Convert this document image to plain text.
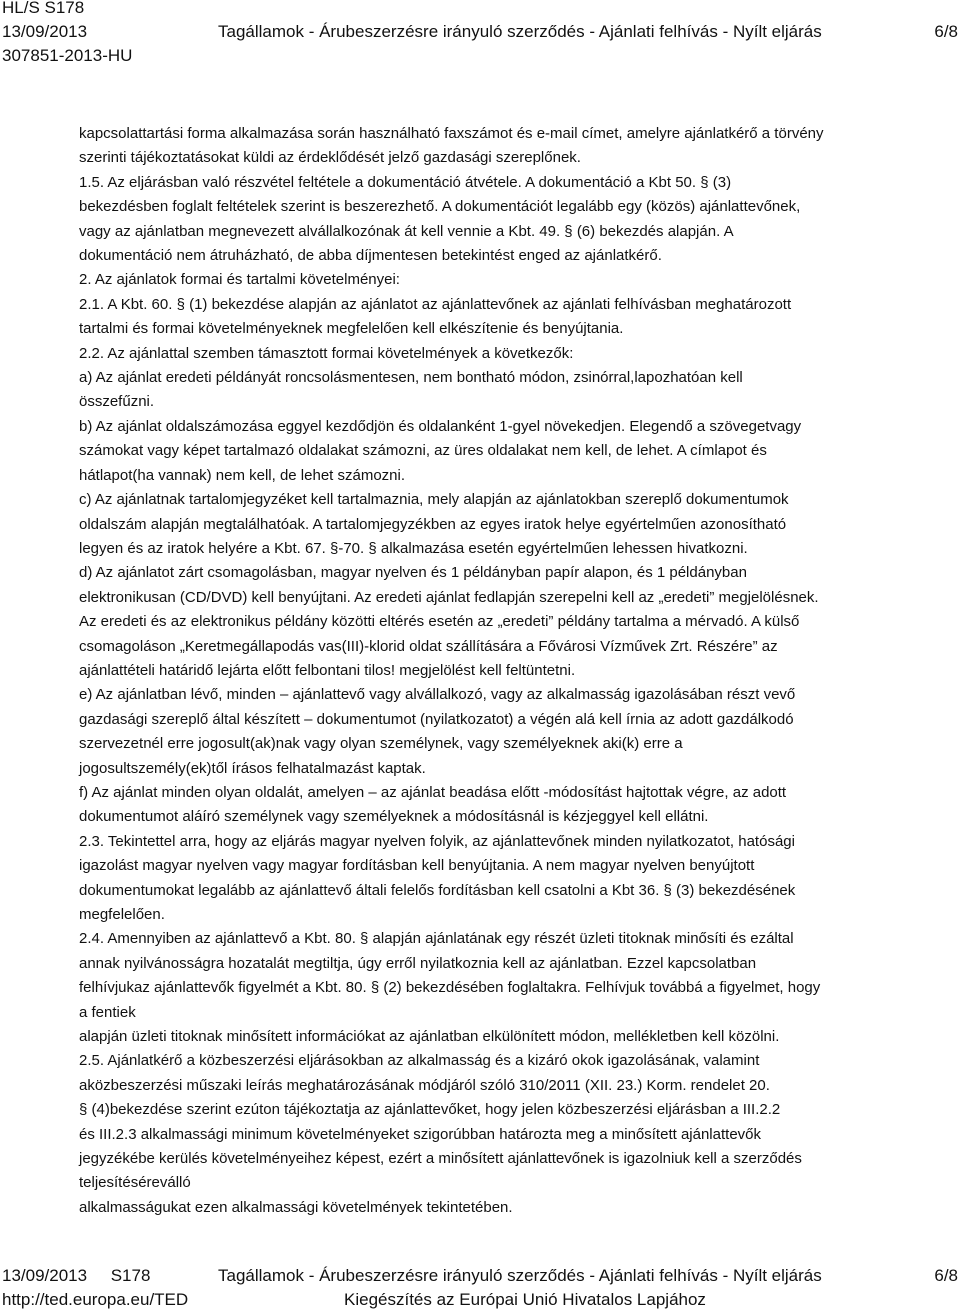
HL/S S178
13/09/2013
307851-2013-HU
Tagállamok - Árubeszerzésre irányuló szerződés - Ajánlati felhívás - Nyílt eljárás	6/8

kapcsolattartási forma alkalmazása során használható faxszámot és e-mail címet, amelyre ajánlatkérő a törvény

szerinti tájékoztatásokat küldi az érdeklődését jelző gazdasági szereplőnek.

1.5. Az eljárásban való részvétel feltétele a dokumentáció átvétele. A dokumentáció a Kbt 50. § (3)

bekezdésben foglalt feltételek szerint is beszerezhető. A dokumentációt legalább egy (közös) ajánlattevőnek,

vagy az ajánlatban megnevezett alvállalkozónak át kell vennie a Kbt. 49. § (6) bekezdés alapján. A

dokumentáció nem átruházható, de abba díjmentesen betekintést enged az ajánlatkérő.

2. Az ajánlatok formai és tartalmi követelményei:

2.1. A Kbt. 60. § (1) bekezdése alapján az ajánlatot az ajánlattevőnek az ajánlati felhívásban meghatározott

tartalmi és formai követelményeknek megfelelően kell elkészítenie és benyújtania.

2.2. Az ajánlattal szemben támasztott formai követelmények a következők:

a) Az ajánlat eredeti példányát roncsolásmentesen, nem bontható módon, zsinórral,lapozhatóan kell

összefűzni.

b) Az ajánlat oldalszámozása eggyel kezdődjön és oldalanként 1-gyel növekedjen. Elegendő a szövegetvagy

számokat vagy képet tartalmazó oldalakat számozni, az üres oldalakat nem kell, de lehet. A címlapot és

hátlapot(ha vannak) nem kell, de lehet számozni.

c) Az ajánlatnak tartalomjegyzéket kell tartalmaznia, mely alapján az ajánlatokban szereplő dokumentumok

oldalszám alapján megtalálhatóak. A tartalomjegyzékben az egyes iratok helye egyértelműen azonosítható

legyen és az iratok helyére a Kbt. 67. §-70. § alkalmazása esetén egyértelműen lehessen hivatkozni.

d) Az ajánlatot zárt csomagolásban, magyar nyelven és 1 példányban papír alapon, és 1 példányban

elektronikusan (CD/DVD) kell benyújtani. Az eredeti ajánlat fedlapján szerepelni kell az „eredeti” megjelölésnek.

Az eredeti és az elektronikus példány közötti eltérés esetén az „eredeti” példány tartalma a mérvadó. A külső

csomagoláson „Keretmegállapodás vas(III)-klorid oldat szállítására a Fővárosi Vízművek Zrt. Részére” az

ajánlattételi határidő lejárta előtt felbontani tilos! megjelölést kell feltüntetni.

e) Az ajánlatban lévő, minden – ajánlattevő vagy alvállalkozó, vagy az alkalmasság igazolásában részt vevő

gazdasági szereplő által készített – dokumentumot (nyilatkozatot) a végén alá kell írnia az adott gazdálkodó

szervezetnél erre jogosult(ak)nak vagy olyan személynek, vagy személyeknek aki(k) erre a

jogosultszemély(ek)től írásos felhatalmazást kaptak.

f) Az ajánlat minden olyan oldalát, amelyen – az ajánlat beadása előtt -módosítást hajtottak végre, az adott

dokumentumot aláíró személynek vagy személyeknek a módosításnál is kézjeggyel kell ellátni.

2.3. Tekintettel arra, hogy az eljárás magyar nyelven folyik, az ajánlattevőnek minden nyilatkozatot, hatósági

igazolást magyar nyelven vagy magyar fordításban kell benyújtania. A nem magyar nyelven benyújtott

dokumentumokat legalább az ajánlattevő általi felelős fordításban kell csatolni a Kbt 36. § (3) bekezdésének

megfelelően.

2.4. Amennyiben az ajánlattevő a Kbt. 80. § alapján ajánlatának egy részét üzleti titoknak minősíti és ezáltal

annak nyilvánosságra hozatalát megtiltja, úgy erről nyilatkoznia kell az ajánlatban. Ezzel kapcsolatban

felhívjukaz ajánlattevők figyelmét a Kbt. 80. § (2) bekezdésében foglaltakra. Felhívjuk továbbá a figyelmet, hogy

a fentiek

alapján üzleti titoknak minősített információkat az ajánlatban elkülönített módon, mellékletben kell közölni.

2.5. Ajánlatkérő a közbeszerzési eljárásokban az alkalmasság és a kizáró okok igazolásának, valamint

aközbeszerzési műszaki leírás meghatározásának módjáról szóló 310/2011 (XII. 23.) Korm. rendelet 20.

§ (4)bekezdése szerint ezúton tájékoztatja az ajánlattevőket, hogy jelen közbeszerzési eljárásban a III.2.2

és III.2.3 alkalmassági minimum követelményeket szigorúbban határozta meg a minősített ajánlattevők

jegyzékébe kerülés követelményeihez képest, ezért a minősített ajánlattevőnek is igazolniuk kell a szerződés

teljesítéséreválló

alkalmasságukat ezen alkalmassági követelmények tekintetében.

13/09/2013 S178
http://ted.europa.eu/TED
Tagállamok - Árubeszerzésre irányuló szerződés - Ajánlati felhívás - Nyílt eljárás
Kiegészítés az Európai Unió Hivatalos Lapjához
6/8
